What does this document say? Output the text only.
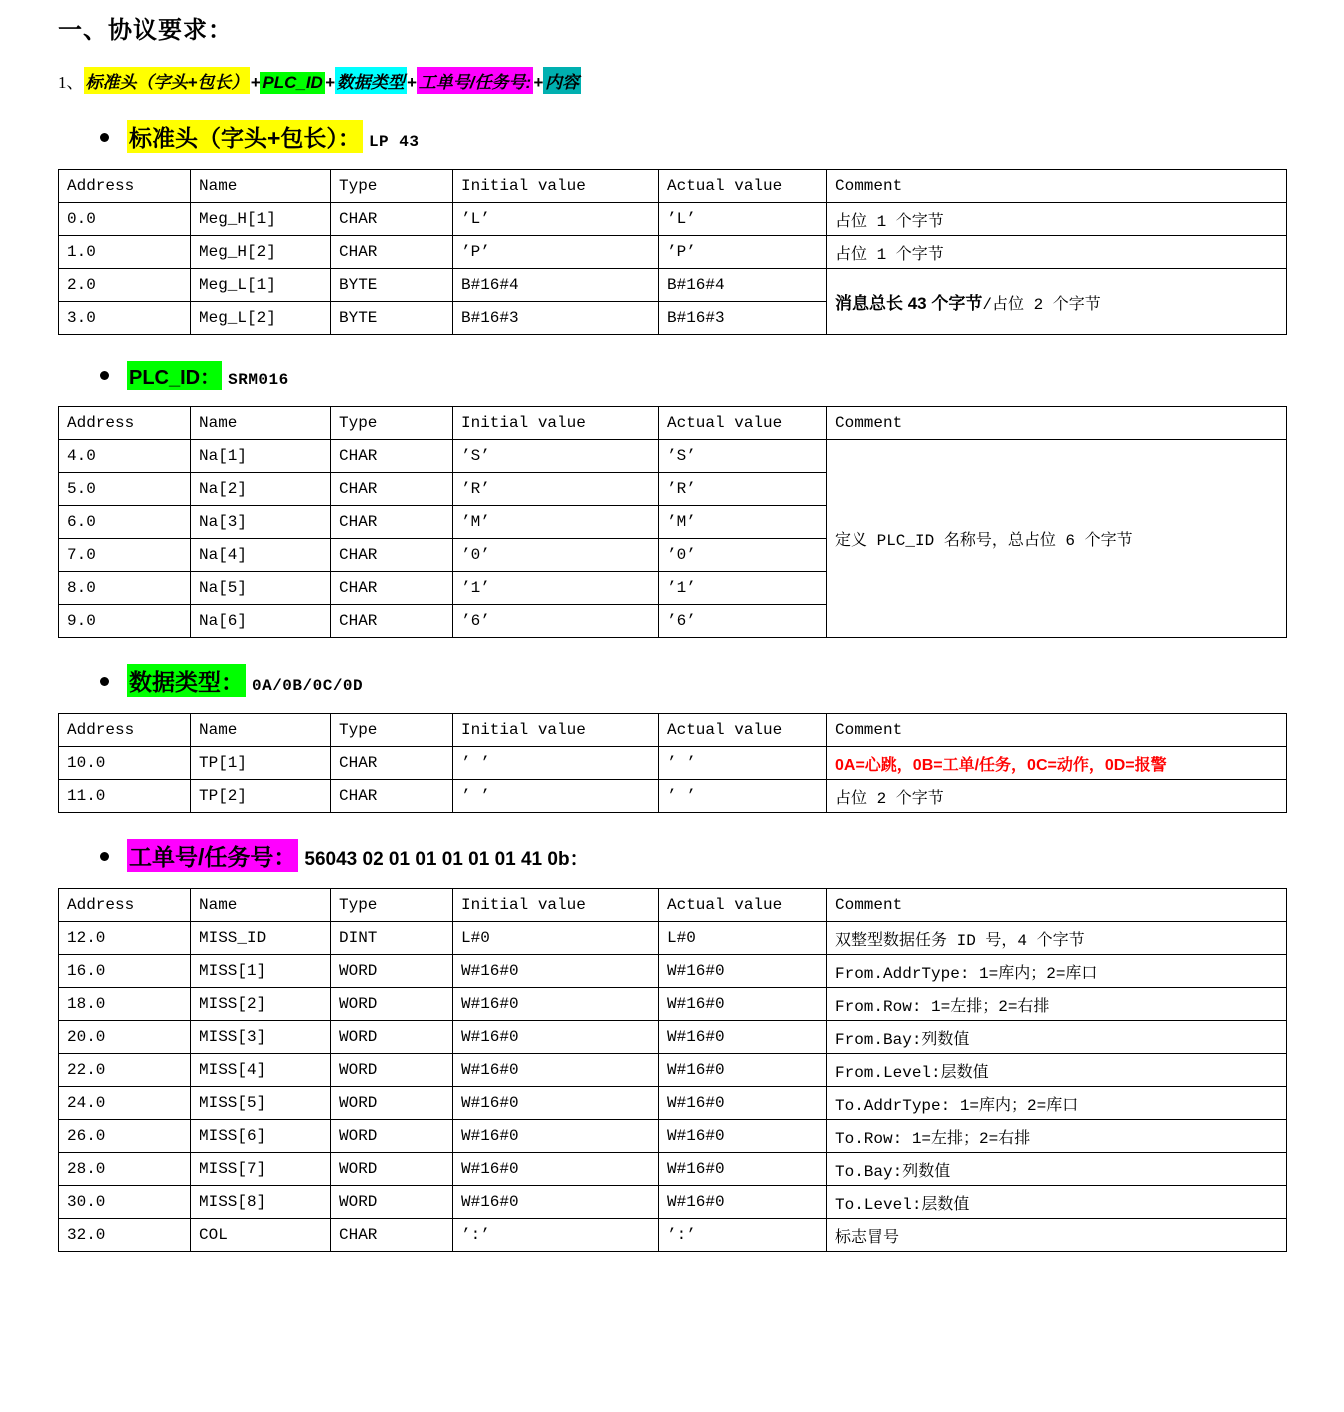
一、协议要求：
1、 标准头（字头+包长） + PLC_ID + 数据类型 + 工单号/任务号: + 内容
标准头（字头+包长）： LP 43
Address	Name	Type	Initial value	Actual value	Comment
0.0	Meg_H[1]	CHAR	’L’	’L’	占位 1 个字节
1.0	Meg_H[2]	CHAR	’P’	’P’	占位 1 个字节
2.0	Meg_L[1]	BYTE	B#16#4	B#16#4	消息总长 43 个字节/占位 2 个字节
3.0	Meg_L[2]	BYTE	B#16#3	B#16#3	
PLC_ID： SRM016
Address	Name	Type	Initial value	Actual value	Comment
4.0	Na[1]	CHAR	’S’	’S’	定义 PLC_ID 名称号，总占位 6 个字节
5.0	Na[2]	CHAR	’R’	’R’	
6.0	Na[3]	CHAR	’M’	’M’	
7.0	Na[4]	CHAR	’0’	’0’	
8.0	Na[5]	CHAR	’1’	’1’	
9.0	Na[6]	CHAR	’6’	’6’	
数据类型： 0A/0B/0C/0D
Address	Name	Type	Initial value	Actual value	Comment
10.0	TP[1]	CHAR	’ ’	’ ’	0A=心跳，0B=工单/任务，0C=动作，0D=报警
11.0	TP[2]	CHAR	’ ’	’ ’	占位 2 个字节
工单号/任务号： 56043 02 01 01 01 01 01 41 0b：
Address	Name	Type	Initial value	Actual value	Comment
12.0	MISS_ID	DINT	L#0	L#0	双整型数据任务 ID 号，4 个字节
16.0	MISS[1]	WORD	W#16#0	W#16#0	From.AddrType: 1=库内；2=库口
18.0	MISS[2]	WORD	W#16#0	W#16#0	From.Row: 1=左排；2=右排
20.0	MISS[3]	WORD	W#16#0	W#16#0	From.Bay:列数值
22.0	MISS[4]	WORD	W#16#0	W#16#0	From.Level:层数值
24.0	MISS[5]	WORD	W#16#0	W#16#0	To.AddrType: 1=库内；2=库口
26.0	MISS[6]	WORD	W#16#0	W#16#0	To.Row: 1=左排；2=右排
28.0	MISS[7]	WORD	W#16#0	W#16#0	To.Bay:列数值
30.0	MISS[8]	WORD	W#16#0	W#16#0	To.Level:层数值
32.0	COL	CHAR	’:’	’:’	标志冒号
